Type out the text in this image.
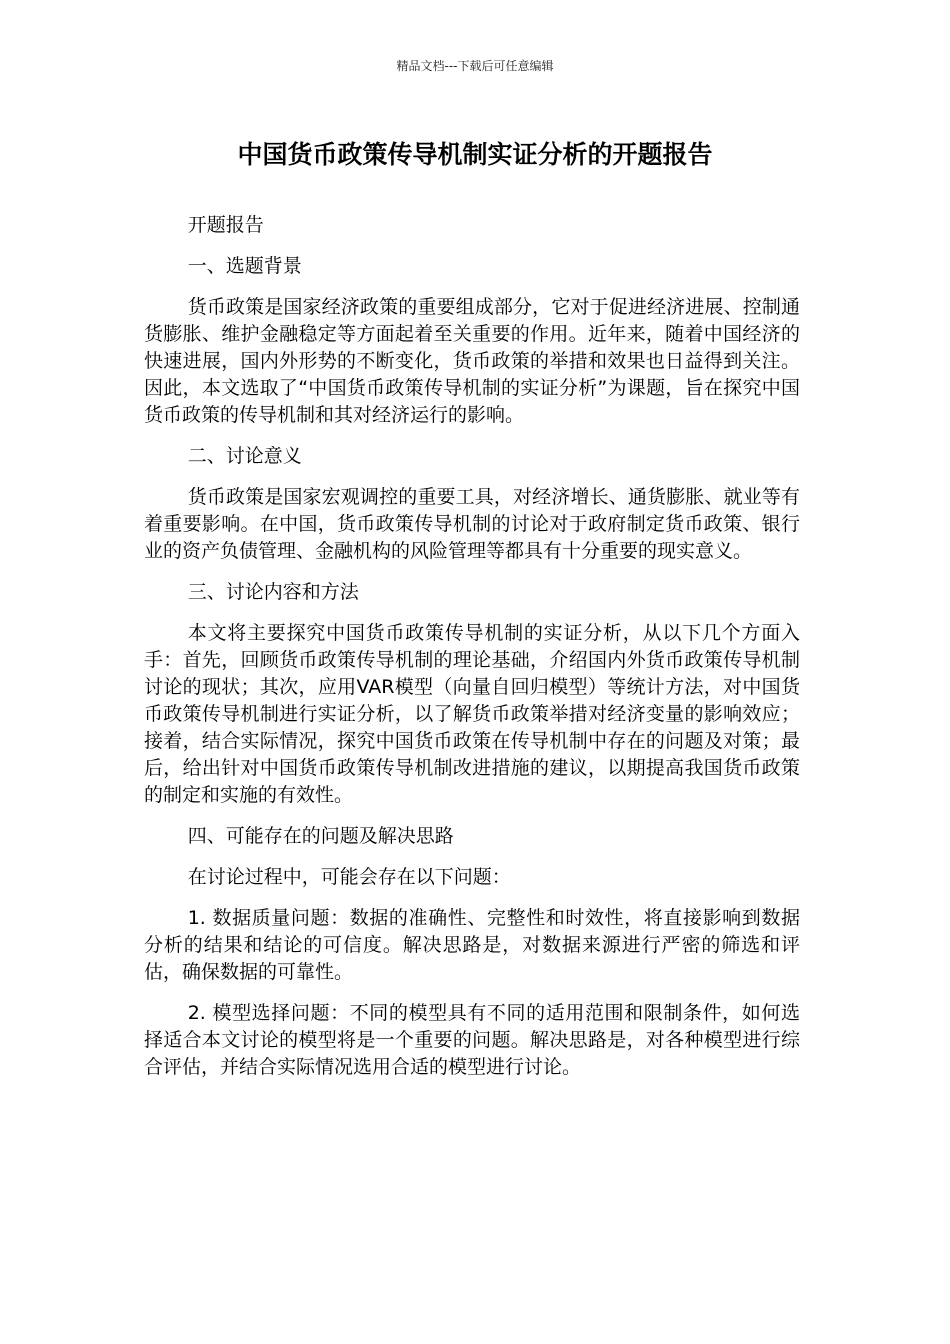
精品文档---下载后可任意编辑
中国货币政策传导机制实证分析的开题报告

开题报告

一、选题背景

货币政策是国家经济政策的重要组成部分，它对于促进经济进展、控制通货膨胀、维护金融稳定等方面起着至关重要的作用。近年来，随着中国经济的快速进展，国内外形势的不断变化，货币政策的举措和效果也日益得到关注。因此，本文选取了“中国货币政策传导机制的实证分析”为课题，旨在探究中国货币政策的传导机制和其对经济运行的影响。

二、讨论意义

货币政策是国家宏观调控的重要工具，对经济增长、通货膨胀、就业等有着重要影响。在中国，货币政策传导机制的讨论对于政府制定货币政策、银行业的资产负债管理、金融机构的风险管理等都具有十分重要的现实意义。

三、讨论内容和方法

本文将主要探究中国货币政策传导机制的实证分析，从以下几个方面入手：首先，回顾货币政策传导机制的理论基础，介绍国内外货币政策传导机制讨论的现状；其次，应用VAR模型（向量自回归模型）等统计方法，对中国货币政策传导机制进行实证分析，以了解货币政策举措对经济变量的影响效应；接着，结合实际情况，探究中国货币政策在传导机制中存在的问题及对策；最后，给出针对中国货币政策传导机制改进措施的建议，以期提高我国货币政策的制定和实施的有效性。

四、可能存在的问题及解决思路

在讨论过程中，可能会存在以下问题：

1. 数据质量问题：数据的准确性、完整性和时效性，将直接影响到数据分析的结果和结论的可信度。解决思路是，对数据来源进行严密的筛选和评估，确保数据的可靠性。

2. 模型选择问题：不同的模型具有不同的适用范围和限制条件，如何选择适合本文讨论的模型将是一个重要的问题。解决思路是，对各种模型进行综合评估，并结合实际情况选用合适的模型进行讨论。
